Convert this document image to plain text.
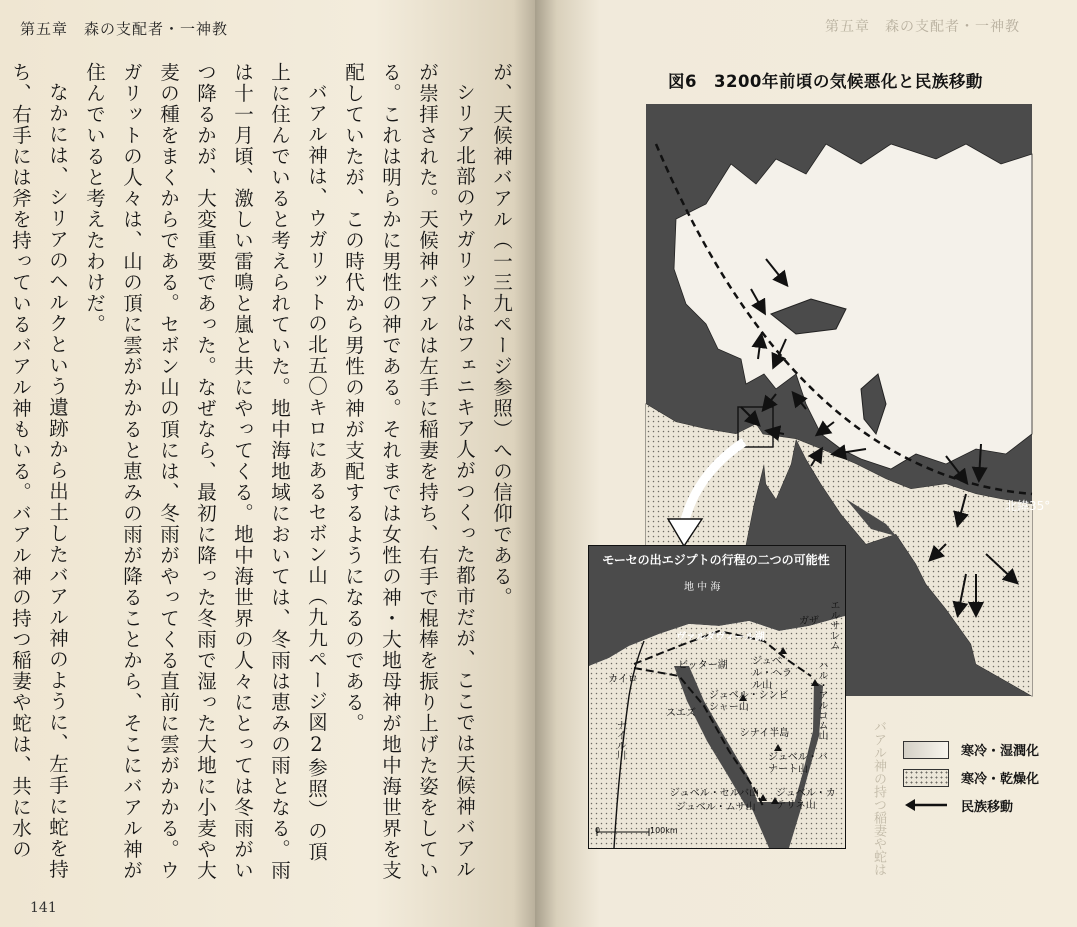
第五章　森の支配者・一神教

が、天候神バアル（一三九ページ参照）への信仰である。

シリア北部のウガリットはフェニキア人がつくった都市だが、ここでは天候神バアルが崇拝された。天候神バアルは左手に稲妻を持ち、右手で棍棒を振り上げた姿をしている。これは明らかに男性の神である。それまでは女性の神・大地母神が地中海世界を支配していたが、この時代から男性の神が支配するようになるのである。

バアル神は、ウガリットの北五〇キロにあるセボン山（九九ページ図2参照）の頂上に住んでいると考えられていた。地中海地域においては、冬雨は恵みの雨となる。雨は十一月頃、激しい雷鳴と嵐と共にやってくる。地中海世界の人々にとっては冬雨がいつ降るかが、大変重要であった。なぜなら、最初に降った冬雨で湿った大地に小麦や大麦の種をまくからである。セボン山の頂には、冬雨がやってくる直前に雲がかかる。ウガリットの人々は、山の頂に雲がかかると恵みの雨が降ることから、そこにバアル神が住んでいると考えたわけだ。

なかには、シリアのヘルクという遺跡から出土したバアル神のように、左手に蛇を持ち、右手には斧を持っているバアル神もいる。バアル神の持つ稲妻や蛇は、共に水の

141
第五章　森の支配者・一神教
バアル神の持つ稲妻や蛇は
図6　3200年前頃の気候悪化と民族移動
北緯35°
モーセの出エジプトの行程の二つの可能性
地 中 海
ヴァルダヴィール湖
ガザ エルサレム
ビッター湖
カイロ
ジュベル・ヘラル山	ハル・アルコム山
スエズ
ジュベル・シンビシャー山
シナイ半島
ナイル川	ジュベル・バナート山
ジュベル・セルバ山
ジュベル・ムサ山
ジュベル・カテリネ山
0	100km
寒冷・湿潤化
寒冷・乾燥化
民族移動
